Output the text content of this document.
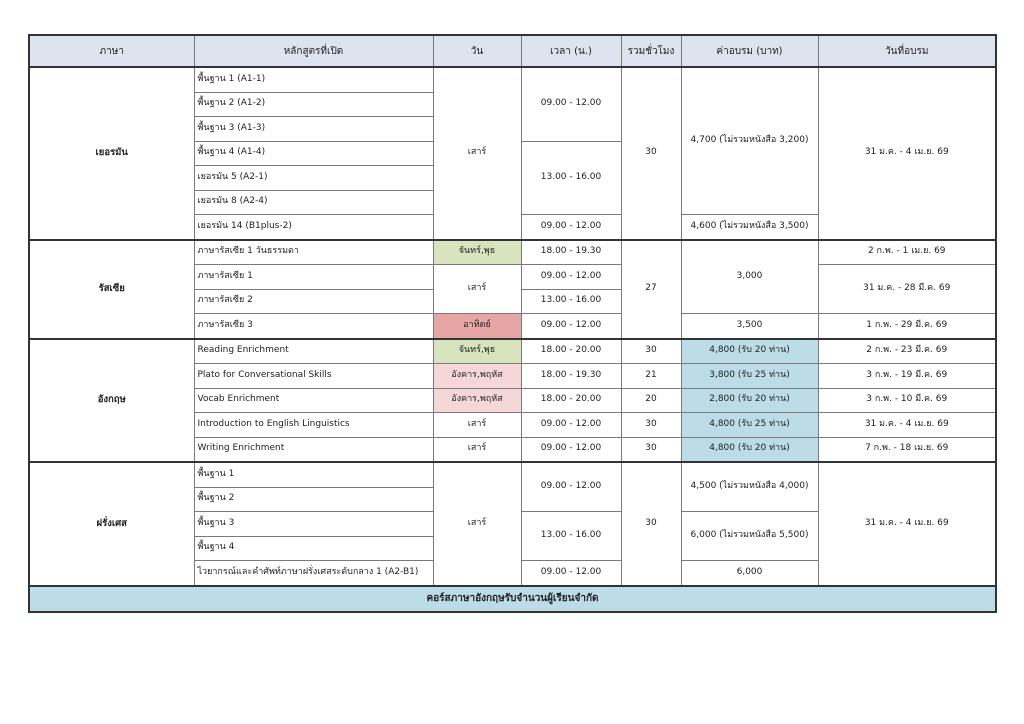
ภาษา	หลักสูตรที่เปิด	วัน	เวลา (น.)	รวมชั่วโมง	ค่าอบรม (บาท)	วันที่อบรม
เยอรมัน	พื้นฐาน 1 (A1-1)	เสาร์	09.00 - 12.00	30	4,700 (ไม่รวมหนังสือ 3,200)	31 ม.ค. - 4 เม.ย. 69
	พื้นฐาน 2 (A1-2)					
	พื้นฐาน 3 (A1-3)					
	พื้นฐาน 4 (A1-4)		13.00 - 16.00			
	เยอรมัน 5 (A2-1)					
	เยอรมัน 8 (A2-4)					
	เยอรมัน 14 (B1plus-2)		09.00 - 12.00		4,600 (ไม่รวมหนังสือ 3,500)	
รัสเซีย	ภาษารัสเซีย 1 วันธรรมดา	จันทร์,พุธ	18.00 - 19.30	27	3,000	2 ก.พ. - 1 เม.ย. 69
	ภาษารัสเซีย 1	เสาร์	09.00 - 12.00			31 ม.ค. - 28 มี.ค. 69
	ภาษารัสเซีย 2		13.00 - 16.00			
	ภาษารัสเซีย 3	อาทิตย์	09.00 - 12.00		3,500	1 ก.พ. - 29 มี.ค. 69
อังกฤษ	Reading Enrichment	จันทร์,พุธ	18.00 - 20.00	30	4,800 (รับ 20 ท่าน)	2 ก.พ. - 23 มี.ค. 69
	Plato for Conversational Skills	อังคาร,พฤหัส	18.00 - 19.30	21	3,800 (รับ 25 ท่าน)	3 ก.พ. - 19 มี.ค. 69
	Vocab Enrichment	อังคาร,พฤหัส	18.00 - 20.00	20	2,800 (รับ 20 ท่าน)	3 ก.พ. - 10 มี.ค. 69
	Introduction to English Linguistics	เสาร์	09.00 - 12.00	30	4,800 (รับ 25 ท่าน)	31 ม.ค. - 4 เม.ย. 69
	Writing Enrichment	เสาร์	09.00 - 12.00	30	4,800 (รับ 20 ท่าน)	7 ก.พ. - 18 เม.ย. 69
ฝรั่งเศส	พื้นฐาน 1	เสาร์	09.00 - 12.00	30	4,500 (ไม่รวมหนังสือ 4,000)	31 ม.ค. - 4 เม.ย. 69
	พื้นฐาน 2					
	พื้นฐาน 3		13.00 - 16.00		6,000 (ไม่รวมหนังสือ 5,500)	
	พื้นฐาน 4					
	ไวยากรณ์และคำศัพท์ภาษาฝรั่งเศสระดับกลาง 1 (A2-B1)		09.00 - 12.00		6,000	
คอร์สภาษาอังกฤษรับจำนวนผู้เรียนจำกัด						
